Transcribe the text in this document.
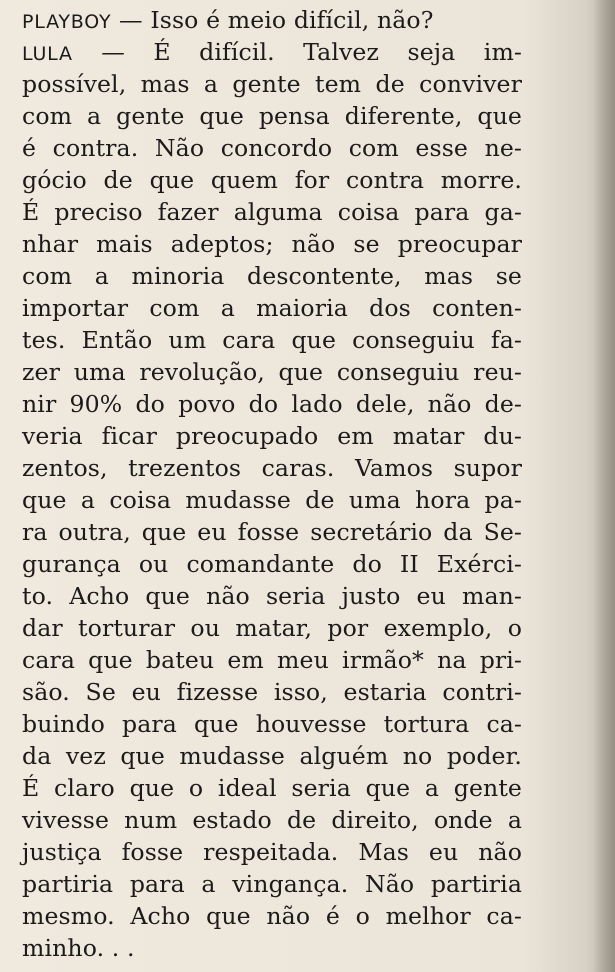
PLAYBOY — Isso é meio difícil, não?
LULA — É difícil. Talvez seja im-
possível, mas a gente tem de conviver
com a gente que pensa diferente, que
é contra. Não concordo com esse ne-
gócio de que quem for contra morre.
É preciso fazer alguma coisa para ga-
nhar mais adeptos; não se preocupar
com a minoria descontente, mas se
importar com a maioria dos conten-
tes. Então um cara que conseguiu fa-
zer uma revolução, que conseguiu reu-
nir 90% do povo do lado dele, não de-
veria ficar preocupado em matar du-
zentos, trezentos caras. Vamos supor
que a coisa mudasse de uma hora pa-
ra outra, que eu fosse secretário da Se-
gurança ou comandante do II Exérci-
to. Acho que não seria justo eu man-
dar torturar ou matar, por exemplo, o
cara que bateu em meu irmão* na pri-
são. Se eu fizesse isso, estaria contri-
buindo para que houvesse tortura ca-
da vez que mudasse alguém no poder.
É claro que o ideal seria que a gente
vivesse num estado de direito, onde a
justiça fosse respeitada. Mas eu não
partiria para a vingança. Não partiria
mesmo. Acho que não é o melhor ca-
minho. . .
